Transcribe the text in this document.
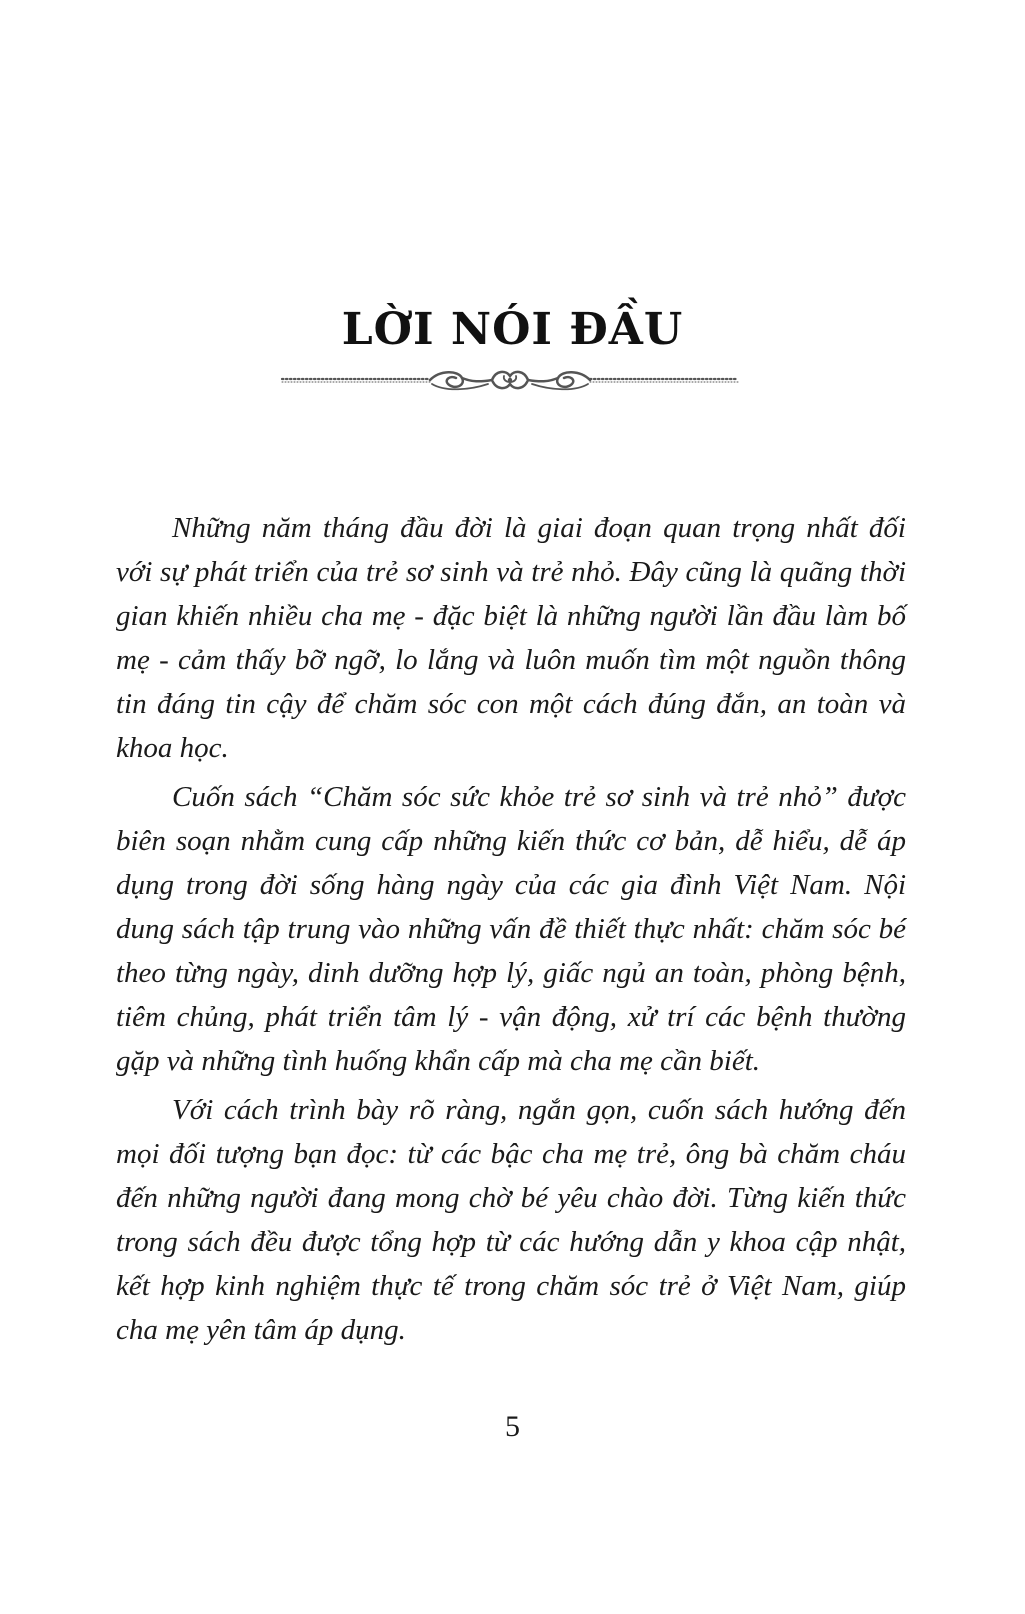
LỜI NÓI ĐẦU

Những năm tháng đầu đời là giai đoạn quan trọng nhất đối với sự phát triển của trẻ sơ sinh và trẻ nhỏ. Đây cũng là quãng thời gian khiến nhiều cha mẹ - đặc biệt là những người lần đầu làm bố mẹ - cảm thấy bỡ ngỡ, lo lắng và luôn muốn tìm một nguồn thông tin đáng tin cậy để chăm sóc con một cách đúng đắn, an toàn và khoa học.

Cuốn sách “Chăm sóc sức khỏe trẻ sơ sinh và trẻ nhỏ” được biên soạn nhằm cung cấp những kiến thức cơ bản, dễ hiểu, dễ áp dụng trong đời sống hàng ngày của các gia đình Việt Nam. Nội dung sách tập trung vào những vấn đề thiết thực nhất: chăm sóc bé theo từng ngày, dinh dưỡng hợp lý, giấc ngủ an toàn, phòng bệnh, tiêm chủng, phát triển tâm lý - vận động, xử trí các bệnh thường gặp và những tình huống khẩn cấp mà cha mẹ cần biết.

Với cách trình bày rõ ràng, ngắn gọn, cuốn sách hướng đến mọi đối tượng bạn đọc: từ các bậc cha mẹ trẻ, ông bà chăm cháu đến những người đang mong chờ bé yêu chào đời. Từng kiến thức trong sách đều được tổng hợp từ các hướng dẫn y khoa cập nhật, kết hợp kinh nghiệm thực tế trong chăm sóc trẻ ở Việt Nam, giúp cha mẹ yên tâm áp dụng.

5
